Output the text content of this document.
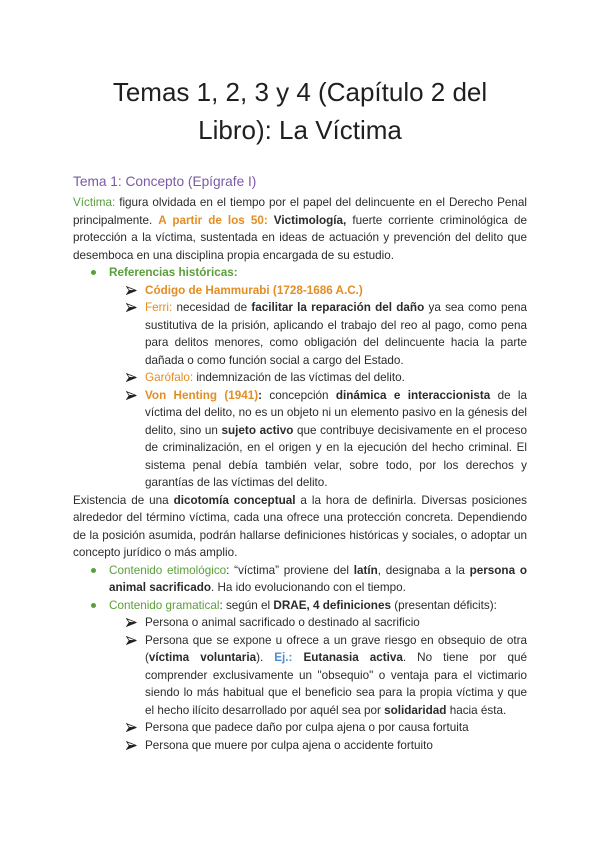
Temas 1, 2, 3 y 4 (Capítulo 2 del Libro): La Víctima
Tema 1: Concepto (Epígrafe I)

Víctima: figura olvidada en el tiempo por el papel del delincuente en el Derecho Penal principalmente. A partir de los 50: Victimología, fuerte corriente criminológica de protección a la víctima, sustentada en ideas de actuación y prevención del delito que desemboca en una disciplina propia encargada de su estudio.

Referencias históricas:
Código de Hammurabi (1728-1686 A.C.)
Ferri: necesidad de facilitar la reparación del daño ya sea como pena sustitutiva de la prisión, aplicando el trabajo del reo al pago, como pena para delitos menores, como obligación del delincuente hacia la parte dañada o como función social a cargo del Estado.
Garófalo: indemnización de las víctimas del delito.
Von Henting (1941): concepción dinámica e interaccionista de la víctima del delito, no es un objeto ni un elemento pasivo en la génesis del delito, sino un sujeto activo que contribuye decisivamente en el proceso de criminalización, en el origen y en la ejecución del hecho criminal. El sistema penal debía también velar, sobre todo, por los derechos y garantías de las víctimas del delito.

Existencia de una dicotomía conceptual a la hora de definirla. Diversas posiciones alrededor del término víctima, cada una ofrece una protección concreta. Dependiendo de la posición asumida, podrán hallarse definiciones históricas y sociales, o adoptar un concepto jurídico o más amplio.

Contenido etimológico: “víctima” proviene del latín, designaba a la persona o animal sacrificado. Ha ido evolucionando con el tiempo.
Contenido gramatical: según el DRAE, 4 definiciones (presentan déficits):
Persona o animal sacrificado o destinado al sacrificio
Persona que se expone u ofrece a un grave riesgo en obsequio de otra (víctima voluntaria). Ej.: Eutanasia activa. No tiene por qué comprender exclusivamente un "obsequio" o ventaja para el victimario siendo lo más habitual que el beneficio sea para la propia víctima y que el hecho ilícito desarrollado por aquél sea por solidaridad hacia ésta.
Persona que padece daño por culpa ajena o por causa fortuita
Persona que muere por culpa ajena o accidente fortuito
